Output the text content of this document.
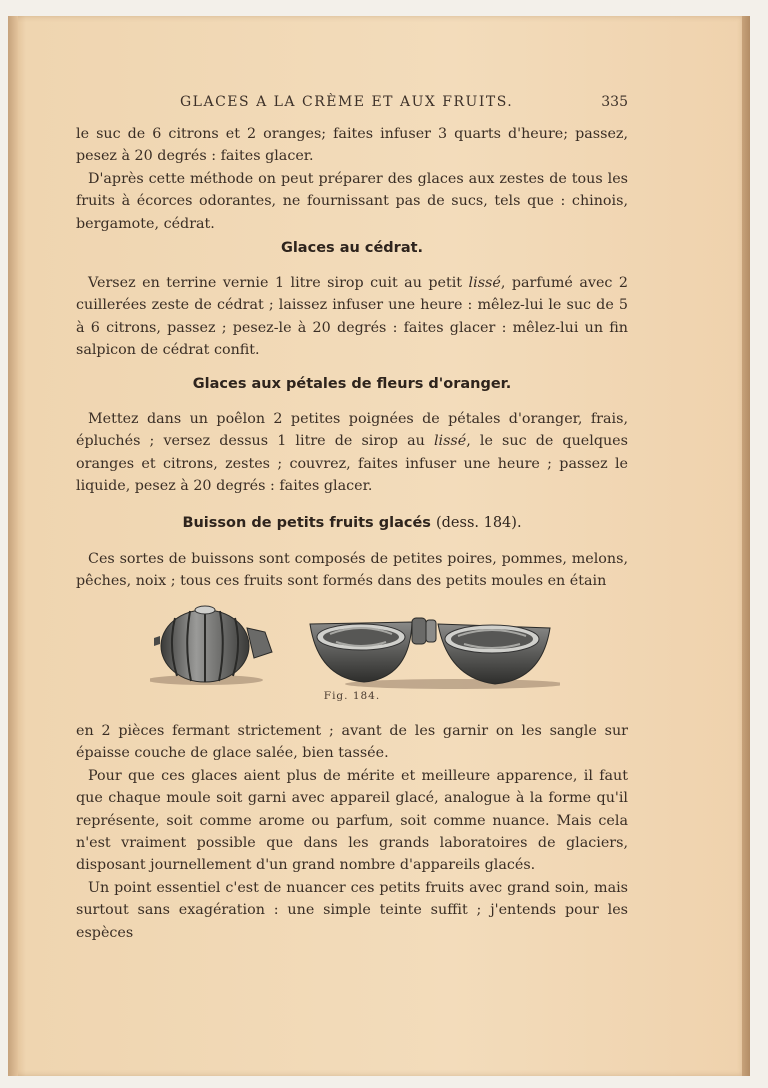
GLACES A LA CRÈME ET AUX FRUITS.	335

le suc de 6 citrons et 2 oranges; faites infuser 3 quarts d'heure; passez, pesez à 20 degrés : faites glacer.

D'après cette méthode on peut préparer des glaces aux zestes de tous les fruits à écorces odorantes, ne fournissant pas de sucs, tels que : chinois, bergamote, cédrat.

Glaces au cédrat.

Versez en terrine vernie 1 litre sirop cuit au petit lissé, parfumé avec 2 cuillerées zeste de cédrat ; laissez infuser une heure : mêlez-lui le suc de 5 à 6 citrons, passez ; pesez-le à 20 degrés : faites glacer : mêlez-lui un fin salpicon de cédrat confit.

Glaces aux pétales de fleurs d'oranger.

Mettez dans un poêlon 2 petites poignées de pétales d'oranger, frais, épluchés ; versez dessus 1 litre de sirop au lissé, le suc de quelques oranges et citrons, zestes ; couvrez, faites infuser une heure ; passez le liquide, pesez à 20 degrés : faites glacer.

Buisson de petits fruits glacés (dess. 184).

Ces sortes de buissons sont composés de petites poires, pommes, melons, pêches, noix ; tous ces fruits sont formés dans des petits moules en étain

Fig. 184.

en 2 pièces fermant strictement ; avant de les garnir on les sangle sur épaisse couche de glace salée, bien tassée.

Pour que ces glaces aient plus de mérite et meilleure apparence, il faut que chaque moule soit garni avec appareil glacé, analogue à la forme qu'il représente, soit comme arome ou parfum, soit comme nuance. Mais cela n'est vraiment possible que dans les grands laboratoires de glaciers, disposant journellement d'un grand nombre d'appareils glacés.

Un point essentiel c'est de nuancer ces petits fruits avec grand soin, mais surtout sans exagération : une simple teinte suffit ; j'entends pour les espèces
